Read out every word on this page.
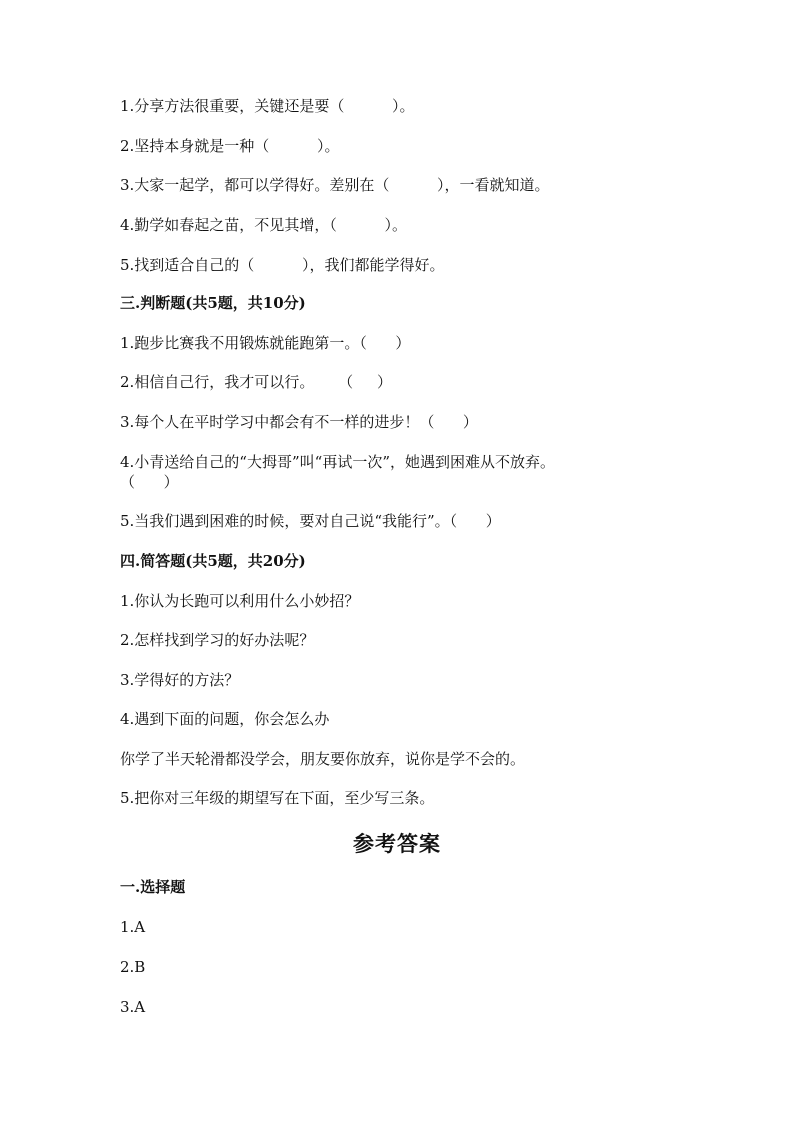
1.分享方法很重要，关键还是要（          ）。
2.坚持本身就是一种（          ）。
3.大家一起学，都可以学得好。差别在（          ），一看就知道。
4.勤学如春起之苗，不见其增，（          ）。
5.找到适合自己的（          ），我们都能学得好。
三.判断题(共5题，共10分)
1.跑步比赛我不用锻炼就能跑第一。（      ）
2.相信自己行，我才可以行。     （     ）
3.每个人在平时学习中都会有不一样的进步！（      ）
4.小青送给自己的“大拇哥”叫“再试一次”，她遇到困难从不放弃。
（      ）
5.当我们遇到困难的时候，要对自己说“我能行”。（      ）
四.简答题(共5题，共20分)
1.你认为长跑可以利用什么小妙招？
2.怎样找到学习的好办法呢？
3.学得好的方法？
4.遇到下面的问题，你会怎么办
你学了半天轮滑都没学会，朋友要你放弃，说你是学不会的。
5.把你对三年级的期望写在下面，至少写三条。
参考答案
一.选择题
1.A
2.B
3.A
